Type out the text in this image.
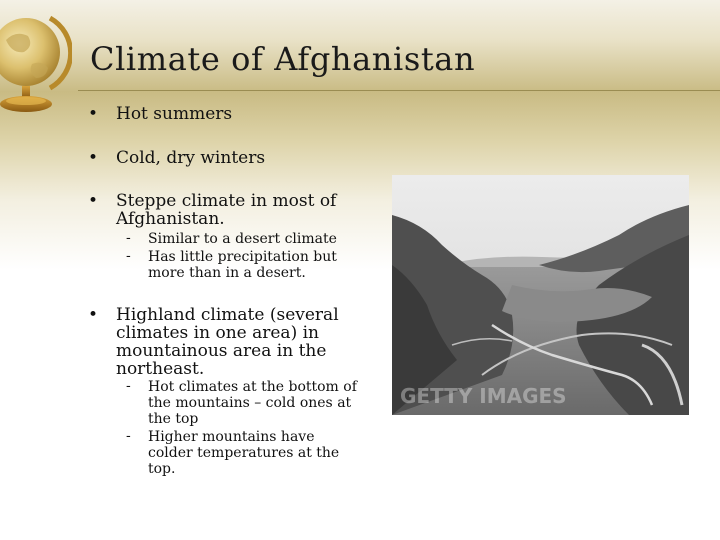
Climate of Afghanistan
• Hot summers
• Cold, dry winters
• Steppe climate in most of Afghanistan.
- Similar to a desert climate
- Has little precipitation but more than in a desert.
• Highland climate (several climates in one area) in mountainous area in the northeast.
- Hot climates at the bottom of the mountains – cold ones at the top
- Higher mountains have colder temperatures at the top.
GETTY IMAGES
